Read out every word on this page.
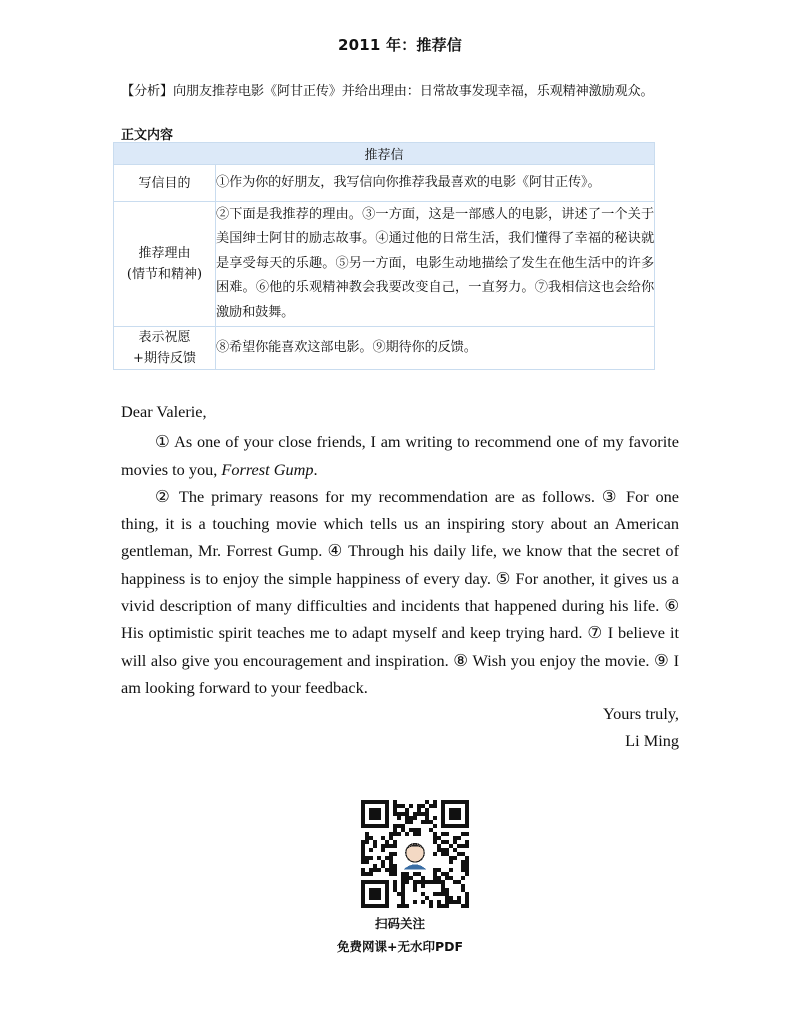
2011 年：推荐信
【分析】向朋友推荐电影《阿甘正传》并给出理由：日常故事发现幸福，乐观精神激励观众。
正文内容
推荐信	
写信目的	①作为你的好朋友，我写信向你推荐我最喜欢的电影《阿甘正传》。

推荐理由
(情节和精神)	②下面是我推荐的理由。③一方面，这是一部感人的电影，讲述了一个关于美国绅士阿甘的励志故事。④通过他的日常生活，我们懂得了幸福的秘诀就是享受每天的乐趣。⑤另一方面，电影生动地描绘了发生在他生活中的许多困难。⑥他的乐观精神教会我要改变自己，一直努力。⑦我相信这也会给你激励和鼓舞。

表示祝愿
+期待反馈	⑧希望你能喜欢这部电影。⑨期待你的反馈。
Dear Valerie,

① As one of your close friends, I am writing to recommend one of my favorite movies to you, Forrest Gump.

② The primary reasons for my recommendation are as follows. ③ For one thing, it is a touching movie which tells us an inspiring story about an American gentleman, Mr. Forrest Gump. ④ Through his daily life, we know that the secret of happiness is to enjoy the simple happiness of every day. ⑤ For another, it gives us a vivid description of many difficulties and incidents that happened during his life. ⑥ His optimistic spirit teaches me to adapt myself and keep trying hard. ⑦ I believe it will also give you encouragement and inspiration. ⑧ Wish you enjoy the movie. ⑨ I am looking forward to your feedback.

Yours truly,
Li Ming
扫码关注
免费网课+无水印PDF
